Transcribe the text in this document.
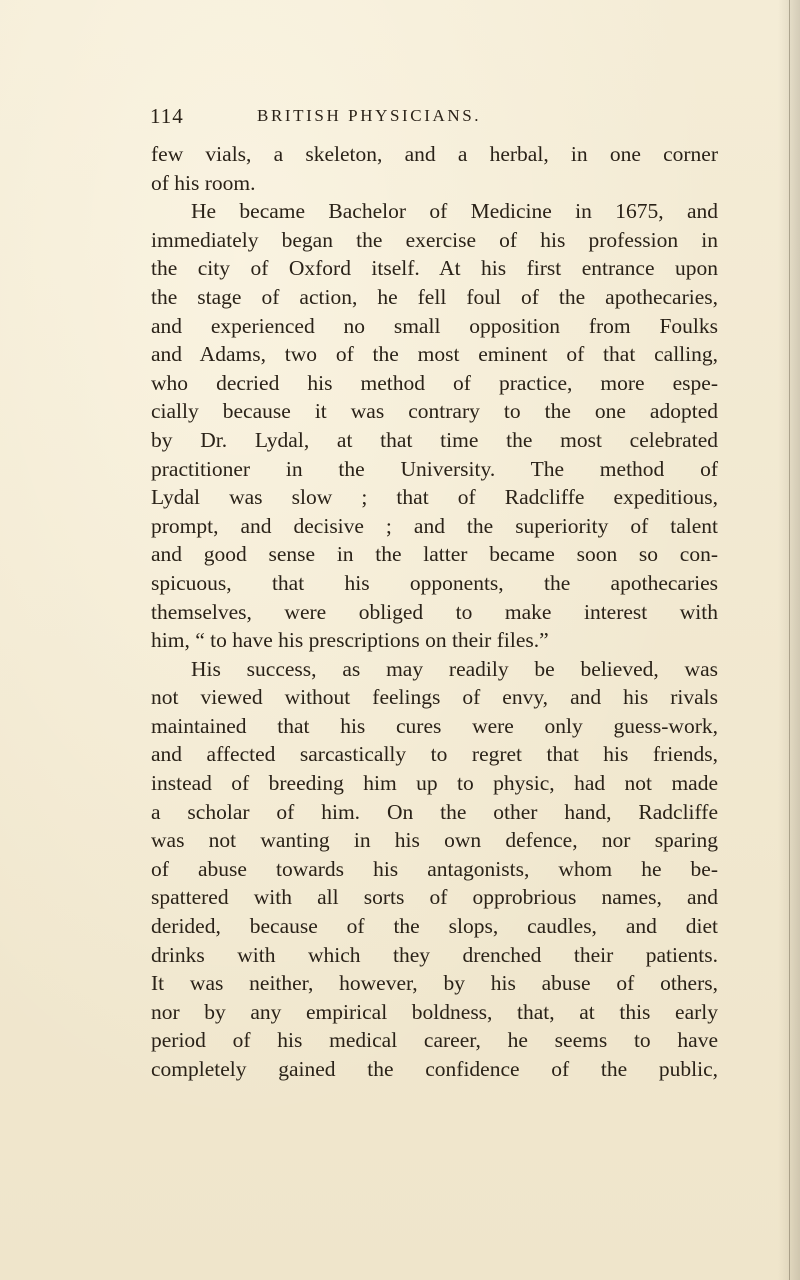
114	BRITISH PHYSICIANS.
few vials, a skeleton, and a herbal, in one corner
of his room.
He became Bachelor of Medicine in 1675, and
immediately began the exercise of his profession in
the city of Oxford itself. At his first entrance upon
the stage of action, he fell foul of the apothecaries,
and experienced no small opposition from Foulks
and Adams, two of the most eminent of that calling,
who decried his method of practice, more espe-
cially because it was contrary to the one adopted
by Dr. Lydal, at that time the most celebrated
practitioner in the University. The method of
Lydal was slow ; that of Radcliffe expeditious,
prompt, and decisive ; and the superiority of talent
and good sense in the latter became soon so con-
spicuous, that his opponents, the apothecaries
themselves, were obliged to make interest with
him, “ to have his prescriptions on their files.”
His success, as may readily be believed, was
not viewed without feelings of envy, and his rivals
maintained that his cures were only guess-work,
and affected sarcastically to regret that his friends,
instead of breeding him up to physic, had not made
a scholar of him. On the other hand, Radcliffe
was not wanting in his own defence, nor sparing
of abuse towards his antagonists, whom he be-
spattered with all sorts of opprobrious names, and
derided, because of the slops, caudles, and diet
drinks with which they drenched their patients.
It was neither, however, by his abuse of others,
nor by any empirical boldness, that, at this early
period of his medical career, he seems to have
completely gained the confidence of the public,
